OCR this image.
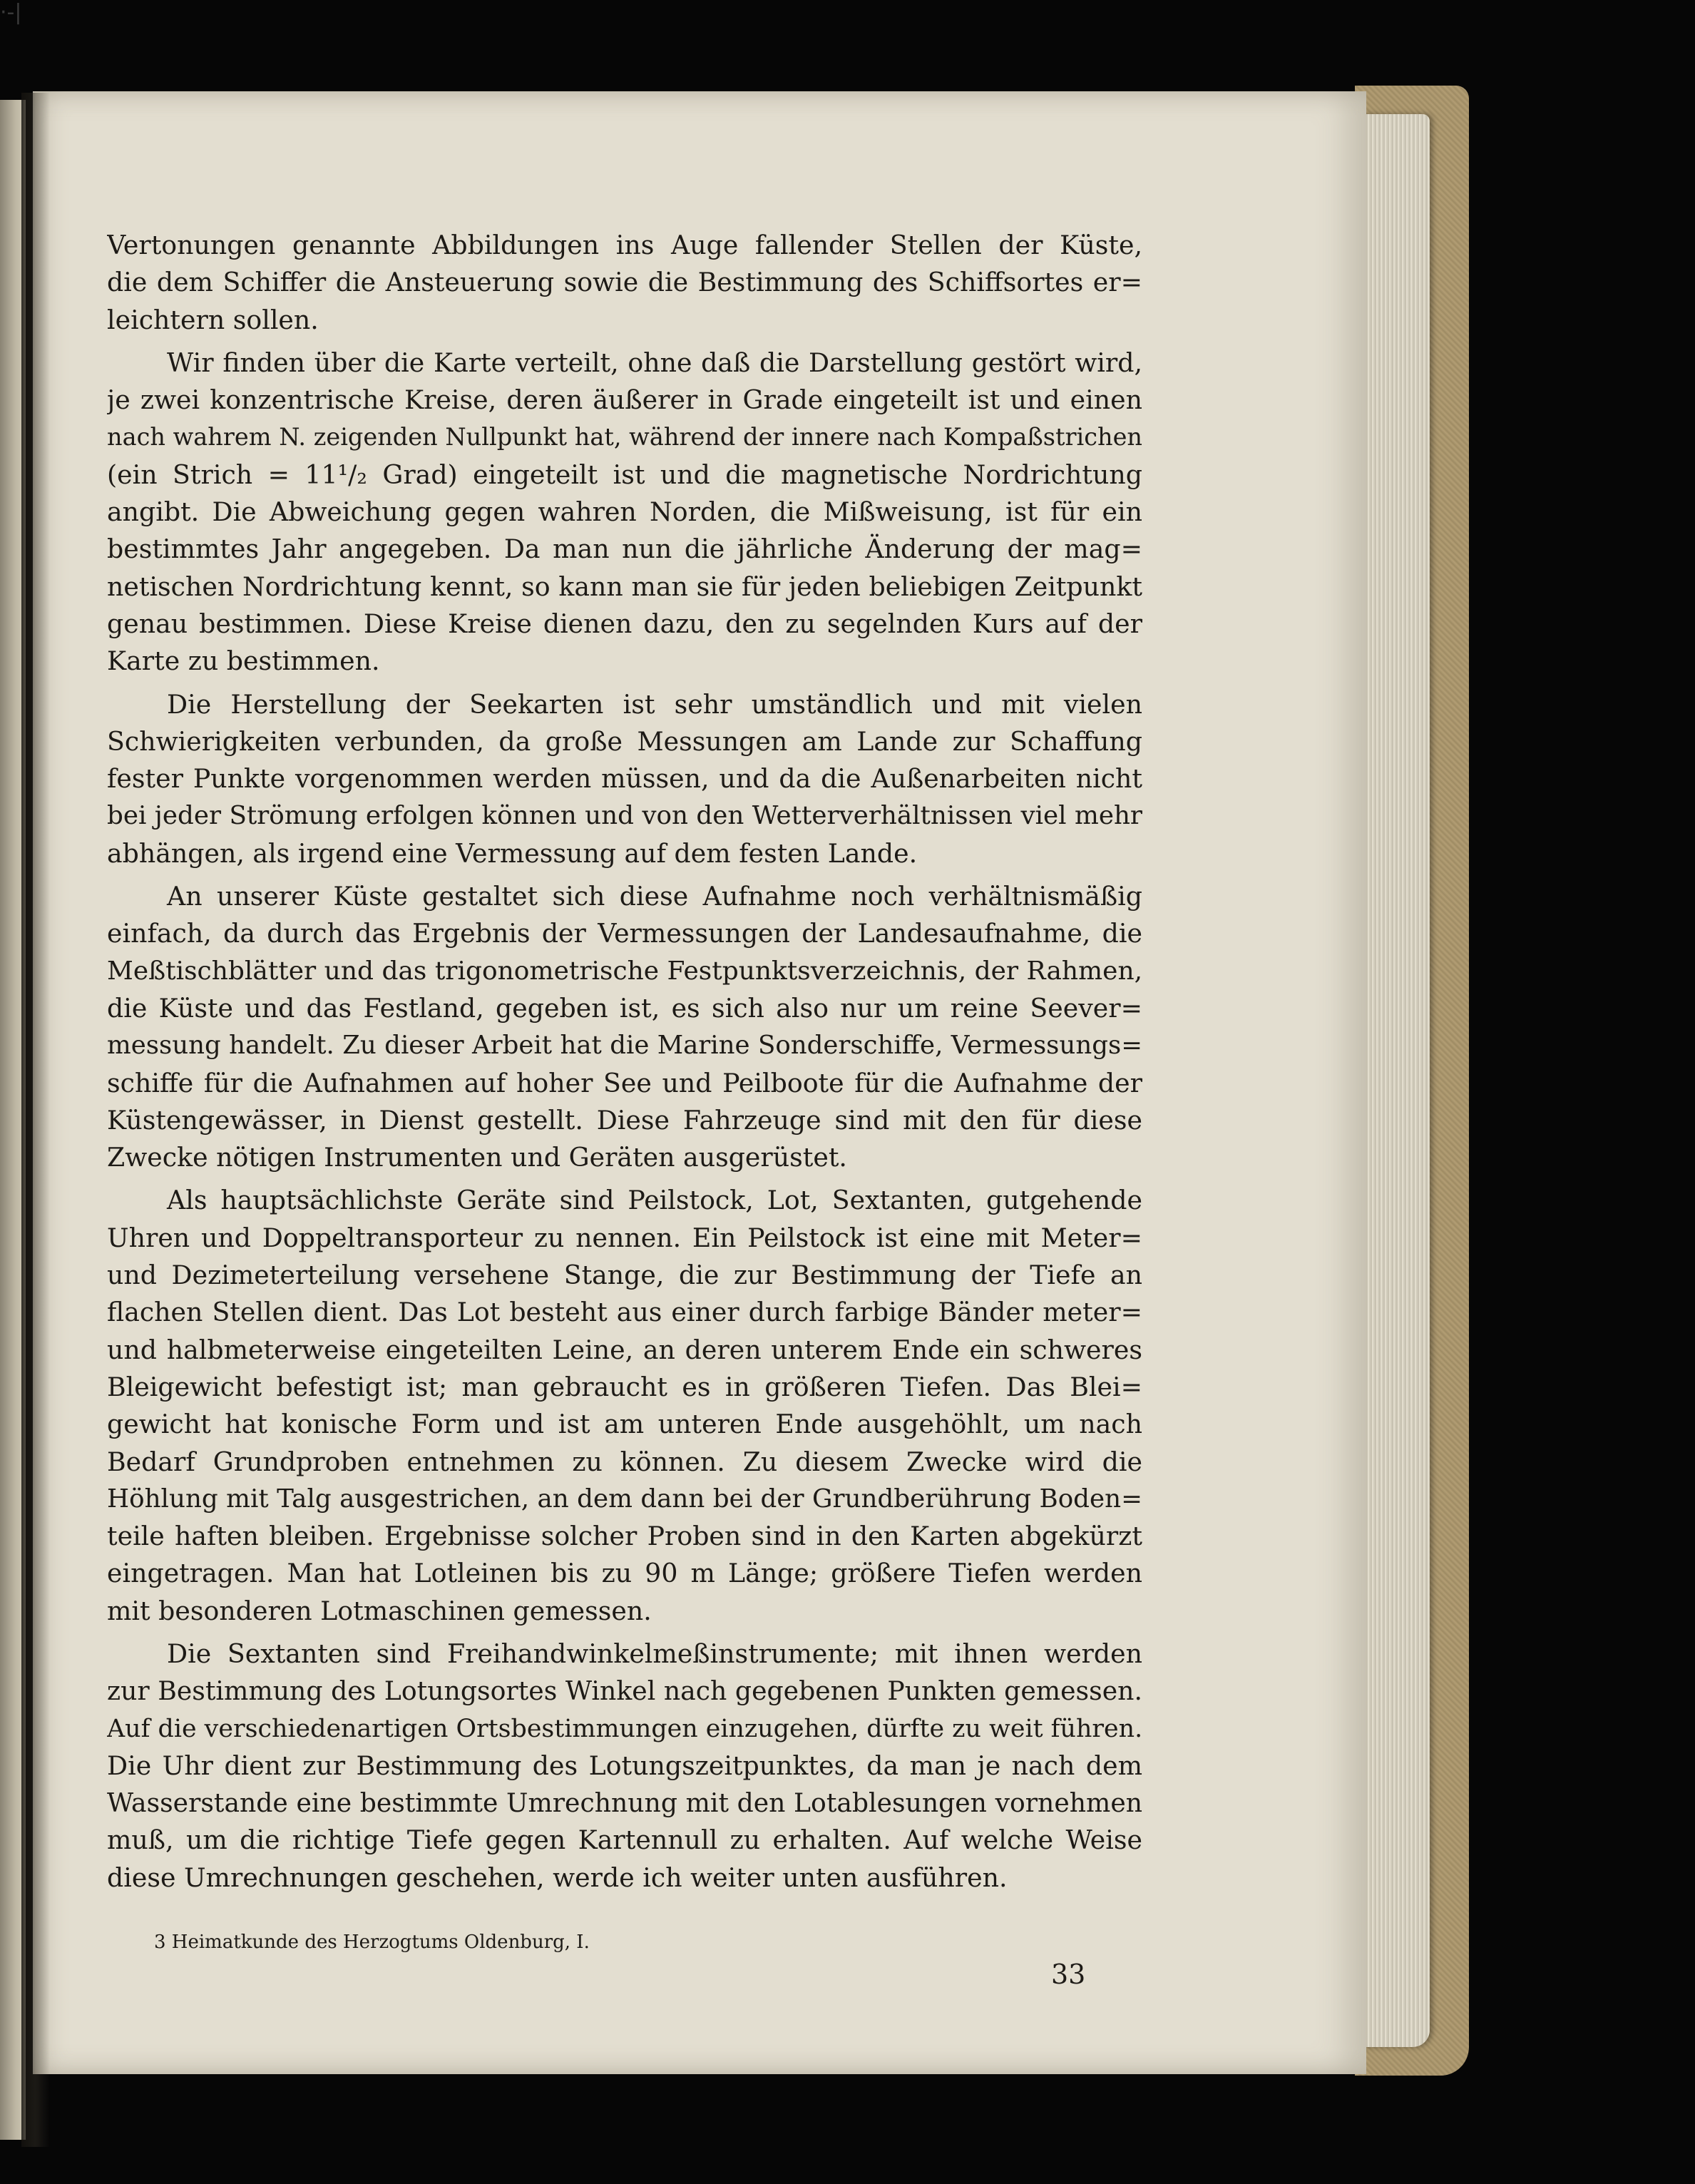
Vertonungen genannte Abbildungen ins Auge fallender Stellen der Küste,
die dem Schiffer die Ansteuerung sowie die Bestimmung des Schiffsortes er=
leichtern sollen.
Wir finden über die Karte verteilt, ohne daß die Darstellung gestört wird,
je zwei konzentrische Kreise, deren äußerer in Grade eingeteilt ist und einen
nach wahrem N. zeigenden Nullpunkt hat, während der innere nach Kompaßstrichen
(ein Strich = 11¹/₂ Grad) eingeteilt ist und die magnetische Nordrichtung
angibt. Die Abweichung gegen wahren Norden, die Mißweisung, ist für ein
bestimmtes Jahr angegeben. Da man nun die jährliche Änderung der mag=
netischen Nordrichtung kennt, so kann man sie für jeden beliebigen Zeitpunkt
genau bestimmen. Diese Kreise dienen dazu, den zu segelnden Kurs auf der
Karte zu bestimmen.
Die Herstellung der Seekarten ist sehr umständlich und mit vielen
Schwierigkeiten verbunden, da große Messungen am Lande zur Schaffung
fester Punkte vorgenommen werden müssen, und da die Außenarbeiten nicht
bei jeder Strömung erfolgen können und von den Wetterverhältnissen viel mehr
abhängen, als irgend eine Vermessung auf dem festen Lande.
An unserer Küste gestaltet sich diese Aufnahme noch verhältnismäßig
einfach, da durch das Ergebnis der Vermessungen der Landesaufnahme, die
Meßtischblätter und das trigonometrische Festpunktsverzeichnis, der Rahmen,
die Küste und das Festland, gegeben ist, es sich also nur um reine Seever=
messung handelt. Zu dieser Arbeit hat die Marine Sonderschiffe, Vermessungs=
schiffe für die Aufnahmen auf hoher See und Peilboote für die Aufnahme der
Küstengewässer, in Dienst gestellt. Diese Fahrzeuge sind mit den für diese
Zwecke nötigen Instrumenten und Geräten ausgerüstet.
Als hauptsächlichste Geräte sind Peilstock, Lot, Sextanten, gutgehende
Uhren und Doppeltransporteur zu nennen. Ein Peilstock ist eine mit Meter=
und Dezimeterteilung versehene Stange, die zur Bestimmung der Tiefe an
flachen Stellen dient. Das Lot besteht aus einer durch farbige Bänder meter=
und halbmeterweise eingeteilten Leine, an deren unterem Ende ein schweres
Bleigewicht befestigt ist; man gebraucht es in größeren Tiefen. Das Blei=
gewicht hat konische Form und ist am unteren Ende ausgehöhlt, um nach
Bedarf Grundproben entnehmen zu können. Zu diesem Zwecke wird die
Höhlung mit Talg ausgestrichen, an dem dann bei der Grundberührung Boden=
teile haften bleiben. Ergebnisse solcher Proben sind in den Karten abgekürzt
eingetragen. Man hat Lotleinen bis zu 90 m Länge; größere Tiefen werden
mit besonderen Lotmaschinen gemessen.
Die Sextanten sind Freihandwinkelmeßinstrumente; mit ihnen werden
zur Bestimmung des Lotungsortes Winkel nach gegebenen Punkten gemessen.
Auf die verschiedenartigen Ortsbestimmungen einzugehen, dürfte zu weit führen.
Die Uhr dient zur Bestimmung des Lotungszeitpunktes, da man je nach dem
Wasserstande eine bestimmte Umrechnung mit den Lotablesungen vornehmen
muß, um die richtige Tiefe gegen Kartennull zu erhalten. Auf welche Weise
diese Umrechnungen geschehen, werde ich weiter unten ausführen.
3 Heimatkunde des Herzogtums Oldenburg, I.
33
·-|
